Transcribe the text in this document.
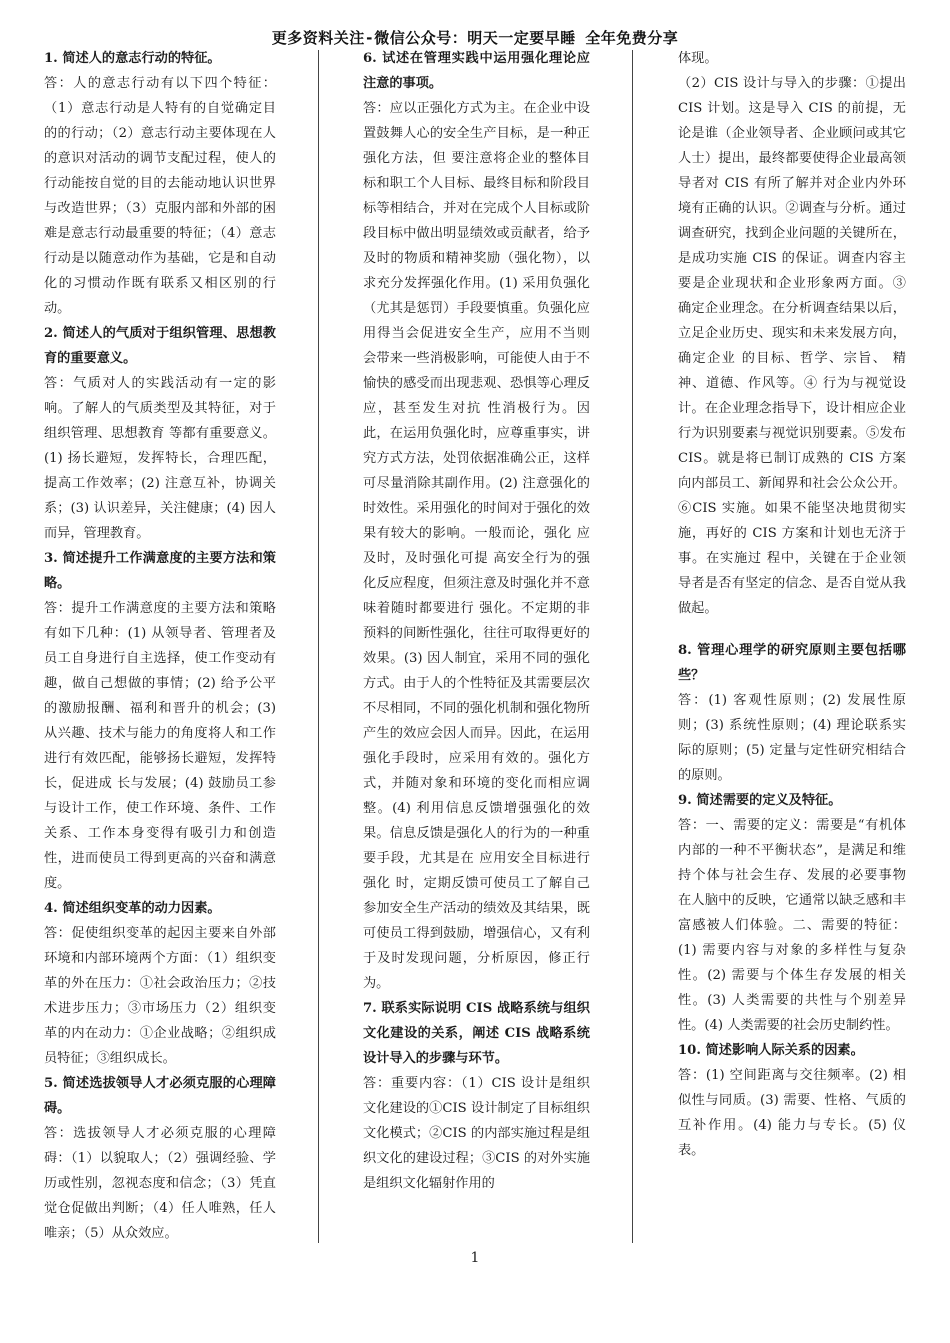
更多资料关注-微信公众号：明天一定要早睡 全年免费分享

1. 简述人的意志行动的特征。

答：人的意志行动有以下四个特征：（1）意志行动是人特有的自觉确定目的的行动；（2）意志行动主要体现在人的意识对活动的调节支配过程，使人的行动能按自觉的目的去能动地认识世界与改造世界；（3）克服内部和外部的困难是意志行动最重要的特征；（4）意志行动是以随意动作为基础，它是和自动化的习惯动作既有联系又相区别的行动。

2. 简述人的气质对于组织管理、思想教育的重要意义。

答：气质对人的实践活动有一定的影响。了解人的气质类型及其特征，对于组织管理、思想教育 等都有重要意义。(1) 扬长避短，发挥特长，合理匹配，提高工作效率；(2) 注意互补，协调关系；(3) 认识差异，关注健康；(4) 因人而异，管理教育。

3. 简述提升工作满意度的主要方法和策略。

答：提升工作满意度的主要方法和策略有如下几种：(1) 从领导者、管理者及员工自身进行自主选择，使工作变动有趣，做自己想做的事情；(2) 给予公平的激励报酬、福利和晋升的机会；(3) 从兴趣、技术与能力的角度将人和工作进行有效匹配，能够扬长避短，发挥特长，促进成 长与发展；(4) 鼓励员工参与设计工作，使工作环境、条件、工作关系、工作本身变得有吸引力和创造性，进而使员工得到更高的兴奋和满意度。

4. 简述组织变革的动力因素。

答：促使组织变革的起因主要来自外部环境和内部环境两个方面：（1）组织变革的外在压力：①社会政治压力；②技术进步压力；③市场压力（2）组织变革的内在动力：①企业战略；②组织成员特征；③组织成长。

5. 简述选拔领导人才必须克服的心理障碍。

答：选拔领导人才必须克服的心理障碍：（1）以貌取人；（2）强调经验、学历或性别，忽视态度和信念；（3）凭直觉仓促做出判断；（4）任人唯熟，任人唯亲；（5）从众效应。

6. 试述在管理实践中运用强化理论应注意的事项。

答：应以正强化方式为主。在企业中设置鼓舞人心的安全生产目标，是一种正强化方法，但 要注意将企业的整体目标和职工个人目标、最终目标和阶段目标等相结合，并对在完成个人目标或阶段目标中做出明显绩效或贡献者，给予及时的物质和精神奖励（强化物），以求充分发挥强化作用。(1) 采用负强化（尤其是惩罚）手段要慎重。负强化应用得当会促进安全生产，应用不当则 会带来一些消极影响，可能使人由于不愉快的感受而出现悲观、恐惧等心理反应，甚至发生对抗 性消极行为。因此，在运用负强化时，应尊重事实，讲究方式方法，处罚依据准确公正，这样可尽量消除其副作用。(2) 注意强化的时效性。采用强化的时间对于强化的效果有较大的影响。一般而论，强化 应及时，及时强化可提 高安全行为的强化反应程度，但须注意及时强化并不意味着随时都要进行 强化。不定期的非预料的间断性强化，往往可取得更好的效果。(3) 因人制宜，采用不同的强化方式。由于人的个性特征及其需要层次不尽相同，不同的强化机制和强化物所产生的效应会因人而异。因此，在运用强化手段时，应采用有效的。强化方式，并随对象和环境的变化而相应调整。(4) 利用信息反馈增强强化的效果。信息反馈是强化人的行为的一种重要手段，尤其是在 应用安全目标进行强化 时，定期反馈可使员工了解自己参加安全生产活动的绩效及其结果，既可使员工得到鼓励，增强信心，又有利于及时发现问题，分析原因，修正行为。

7. 联系实际说明 CIS 战略系统与组织文化建设的关系，阐述 CIS 战略系统设计导入的步骤与环节。

答：重要内容：（1）CIS 设计是组织文化建设的①CIS 设计制定了目标组织文化模式；②CIS 的内部实施过程是组织文化的建设过程；③CIS 的对外实施是组织文化辐射作用的

体现。

（2）CIS 设计与导入的步骤：①提出 CIS 计划。这是导入 CIS 的前提，无论是谁（企业领导者、企业顾问或其它人士）提出，最终都要使得企业最高领导者对 CIS 有所了解并对企业内外环境有正确的认识。②调查与分析。通过调查研究，找到企业问题的关键所在，是成功实施 CIS 的保证。调查内容主要是企业现状和企业形象两方面。③ 确定企业理念。在分析调查结果以后，立足企业历史、现实和未来发展方向，确定企业 的目标、哲学、宗旨、 精神、道德、作风等。④ 行为与视觉设计。在企业理念指导下，设计相应企业行为识别要素与视觉识别要素。⑤发布 CIS。就是将已制订成熟的 CIS 方案向内部员工、新闻界和社会公众公开。⑥CIS 实施。如果不能坚决地贯彻实施，再好的 CIS 方案和计划也无济于事。在实施过 程中，关键在于企业领导者是否有坚定的信念、是否自觉从我做起。

8. 管理心理学的研究原则主要包括哪些？

答：(1) 客观性原则；(2) 发展性原则；(3) 系统性原则；(4) 理论联系实际的原则；(5) 定量与定性研究相结合的原则。

9. 简述需要的定义及特征。

答：一、需要的定义：需要是“有机体内部的一种不平衡状态”，是满足和维持个体与社会生存、发展的必要事物 在人脑中的反映，它通常以缺乏感和丰富感被人们体验。二、需要的特征：(1) 需要内容与对象的多样性与复杂性。(2) 需要与个体生存发展的相关性。(3) 人类需要的共性与个别差异性。(4) 人类需要的社会历史制约性。

10. 简述影响人际关系的因素。

答：(1) 空间距离与交往频率。(2) 相似性与同质。(3) 需要、性格、气质的互补作用。(4) 能力与专长。(5) 仪表。

1
